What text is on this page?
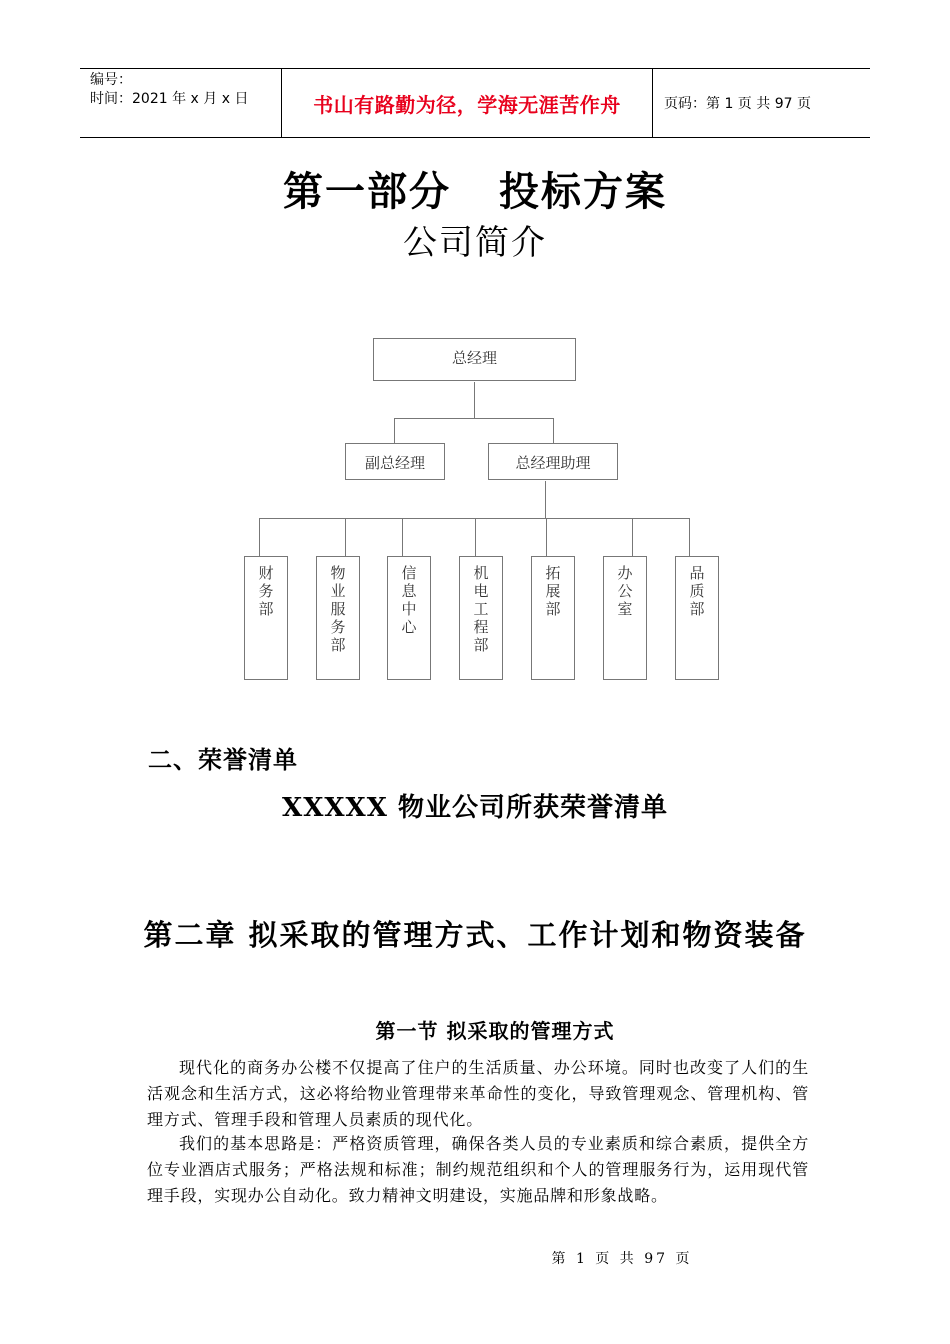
编号：
时间：2021 年 x 月 x 日	书山有路勤为径，学海无涯苦作舟	页码：第 1 页 共 97 页
第一部分 投标方案
公司简介
总经理
副总经理	总经理助理
财务部	物业服务部	信息中心	机电工程部	拓展部	办公室	品质部
二、荣誉清单
XXXXX 物业公司所获荣誉清单
第二章 拟采取的管理方式、工作计划和物资装备
第一节 拟采取的管理方式
现代化的商务办公楼不仅提高了住户的生活质量、办公环境。同时也改变了人们的生活观念和生活方式，这必将给物业管理带来革命性的变化，导致管理观念、管理机构、管理方式、管理手段和管理人员素质的现代化。
我们的基本思路是：严格资质管理，确保各类人员的专业素质和综合素质，提供全方位专业酒店式服务；严格法规和标准；制约规范组织和个人的管理服务行为，运用现代管理手段，实现办公自动化。致力精神文明建设，实施品牌和形象战略。
第 1 页 共 97 页
